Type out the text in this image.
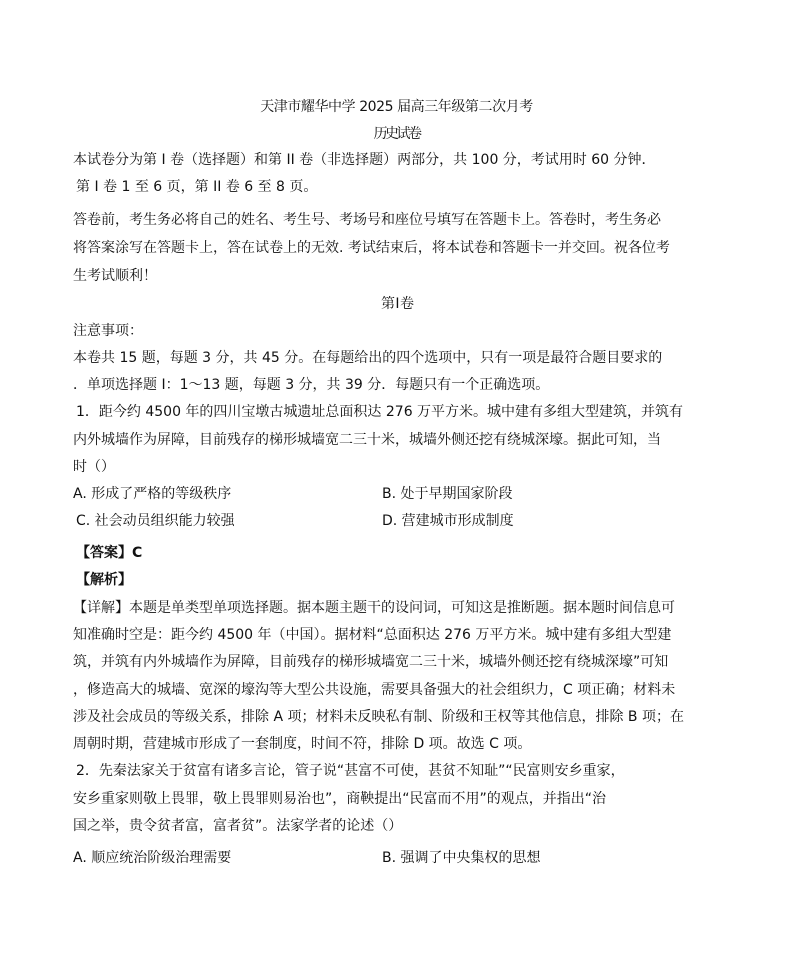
天津市耀华中学 2025 届高三年级第二次月考
历史试卷
本试卷分为第 I 卷（选择题）和第 II 卷（非选择题）两部分，共 100 分，考试用时 60 分钟．
第 I 卷 1 至 6 页，第 II 卷 6 至 8 页。
答卷前，考生务必将自己的姓名、考生号、考场号和座位号填写在答题卡上。答卷时，考生务必
将答案涂写在答题卡上，答在试卷上的无效. 考试结束后，将本试卷和答题卡一并交回。祝各位考
生考试顺利！
第 I 卷
注意事项：
本卷共 15 题，每题 3 分，共 45 分。在每题给出的四个选项中，只有一项是最符合题目要求的
．单项选择题 I：1～13 题，每题 3 分，共 39 分．每题只有一个正确选项。
1．距今约 4500 年的四川宝墩古城遗址总面积达 276 万平方米。城中建有多组大型建筑，并筑有
内外城墙作为屏障，目前残存的梯形城墙宽二三十米，城墙外侧还挖有绕城深壕。据此可知，当
时（）
A. 形成了严格的等级秩序	B. 处于早期国家阶段
C. 社会动员组织能力较强	D. 营建城市形成制度
【答案】C
【解析】
【详解】本题是单类型单项选择题。据本题主题干的设问词，可知这是推断题。据本题时间信息可
知准确时空是：距今约 4500 年（中国）。据材料“总面积达 276 万平方米。城中建有多组大型建
筑，并筑有内外城墙作为屏障，目前残存的梯形城墙宽二三十米，城墙外侧还挖有绕城深壕”可知
，修造高大的城墙、宽深的壕沟等大型公共设施，需要具备强大的社会组织力，C 项正确；材料未
涉及社会成员的等级关系，排除 A 项；材料未反映私有制、阶级和王权等其他信息，排除 B 项；在
周朝时期，营建城市形成了一套制度，时间不符，排除 D 项。故选 C 项。
2．先秦法家关于贫富有诸多言论，管子说“甚富不可使，甚贫不知耻”“民富则安乡重家，
安乡重家则敬上畏罪，敬上畏罪则易治也”，商鞅提出“民富而不用”的观点，并指出“治
国之举，贵令贫者富，富者贫”。法家学者的论述（）
A. 顺应统治阶级治理需要	B. 强调了中央集权的思想
